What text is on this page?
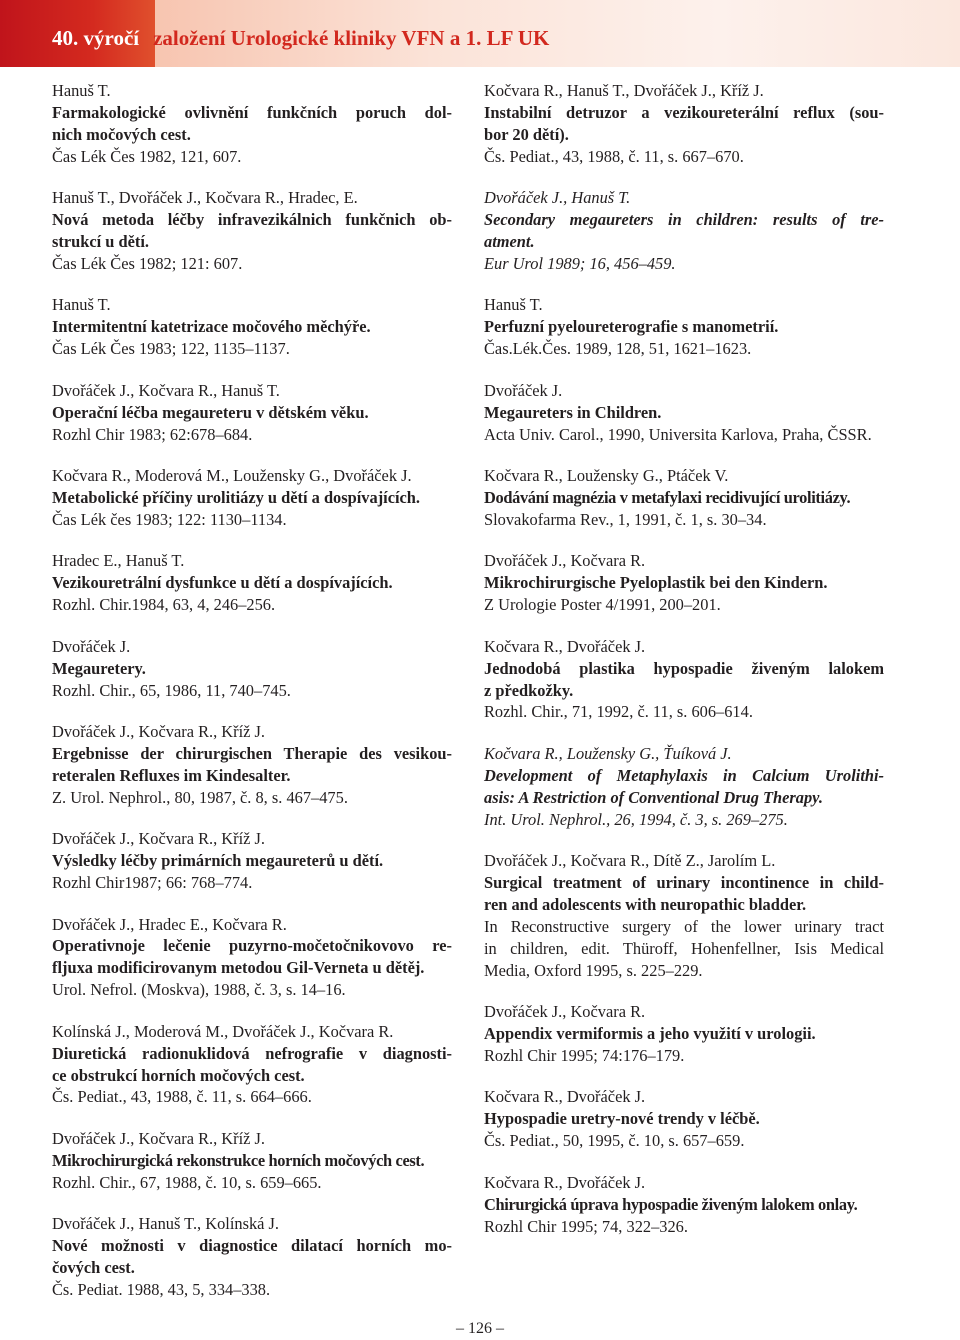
40. výročí založení Urologické kliniky VFN a 1. LF UK
Hanuš T.
Farmakologické ovlivnění funkčních poruch dol-
nich močových cest.
Čas Lék Čes 1982, 121, 607.
Hanuš T., Dvořáček J., Kočvara R., Hradec, E.
Nová metoda léčby infravezikálnich funkčnich ob-
strukcí u dětí.
Čas Lék Čes 1982; 121: 607.
Hanuš T.
Intermitentní katetrizace močového měchýře.
Čas Lék Čes 1983; 122, 1135–1137.
Dvořáček J., Kočvara R., Hanuš T.
Operační léčba megaureteru v dětském věku.
Rozhl Chir 1983; 62:678–684.
Kočvara R., Moderová M., Loužensky G., Dvořáček J.
Metabolické příčiny urolitiázy u dětí a dospívajících.
Čas Lék čes 1983; 122: 1130–1134.
Hradec E., Hanuš T.
Vezikouretrální dysfunkce u dětí a dospívajících.
Rozhl. Chir.1984, 63, 4, 246–256.
Dvořáček J.
Megauretery.
Rozhl. Chir., 65, 1986, 11, 740–745.
Dvořáček J., Kočvara R., Kříž J.
Ergebnisse der chirurgischen Therapie des vesikou-
reteralen Refluxes im Kindesalter.
Z. Urol. Nephrol., 80, 1987, č. 8, s. 467–475.
Dvořáček J., Kočvara R., Kříž J.
Výsledky léčby primárních megaureterů u dětí.
Rozhl Chir1987; 66: 768–774.
Dvořáček J., Hradec E., Kočvara R.
Operativnoje lečenie puzyrno-močetočnikovovo re-
fljuxa modificirovanym metodou Gil-Verneta u dětěj.
Urol. Nefrol. (Moskva), 1988, č. 3, s. 14–16.
Kolínská J., Moderová M., Dvořáček J., Kočvara R.
Diuretická radionuklidová nefrografie v diagnosti-
ce obstrukcí horních močových cest.
Čs. Pediat., 43, 1988, č. 11, s. 664–666.
Dvořáček J., Kočvara R., Kříž J.
Mikrochirurgická rekonstrukce horních močových cest.
Rozhl. Chir., 67, 1988, č. 10, s. 659–665.
Dvořáček J., Hanuš T., Kolínská J.
Nové možnosti v diagnostice dilatací horních mo-
čových cest.
Čs. Pediat. 1988, 43, 5, 334–338.
Kočvara R., Hanuš T., Dvořáček J., Kříž J.
Instabilní detruzor a vezikoureterální reflux (sou-
bor 20 dětí).
Čs. Pediat., 43, 1988, č. 11, s. 667–670.
Dvořáček J., Hanuš T.
Secondary megaureters in children: results of tre-
atment.
Eur Urol 1989; 16, 456–459.
Hanuš T.
Perfuzní pyeloureterografie s manometrií.
Čas.Lék.Čes. 1989, 128, 51, 1621–1623.
Dvořáček J.
Megaureters in Children.
Acta Univ. Carol., 1990, Universita Karlova, Praha, ČSSR.
Kočvara R., Loužensky G., Ptáček V.
Dodávání magnézia v metafylaxi recidivující urolitiázy.
Slovakofarma Rev., 1, 1991, č. 1, s. 30–34.
Dvořáček J., Kočvara R.
Mikrochirurgische Pyeloplastik bei den Kindern.
Z Urologie Poster 4/1991, 200–201.
Kočvara R., Dvořáček J.
Jednodobá plastika hypospadie živeným lalokem
z předkožky.
Rozhl. Chir., 71, 1992, č. 11, s. 606–614.
Kočvara R., Loužensky G., Ťuíková J.
Development of Metaphylaxis in Calcium Urolithi-
asis: A Restriction of Conventional Drug Therapy.
Int. Urol. Nephrol., 26, 1994, č. 3, s. 269–275.
Dvořáček J., Kočvara R., Dítě Z., Jarolím L.
Surgical treatment of urinary incontinence in child-
ren and adolescents with neuropathic bladder.
In Reconstructive surgery of the lower urinary tract
in children, edit. Thüroff, Hohenfellner, Isis Medical
Media, Oxford 1995, s. 225–229.
Dvořáček J., Kočvara R.
Appendix vermiformis a jeho využití v urologii.
Rozhl Chir 1995; 74:176–179.
Kočvara R., Dvořáček J.
Hypospadie uretry-nové trendy v léčbě.
Čs. Pediat., 50, 1995, č. 10, s. 657–659.
Kočvara R., Dvořáček J.
Chirurgická úprava hypospadie živeným lalokem onlay.
Rozhl Chir 1995; 74, 322–326.
– 126 –
